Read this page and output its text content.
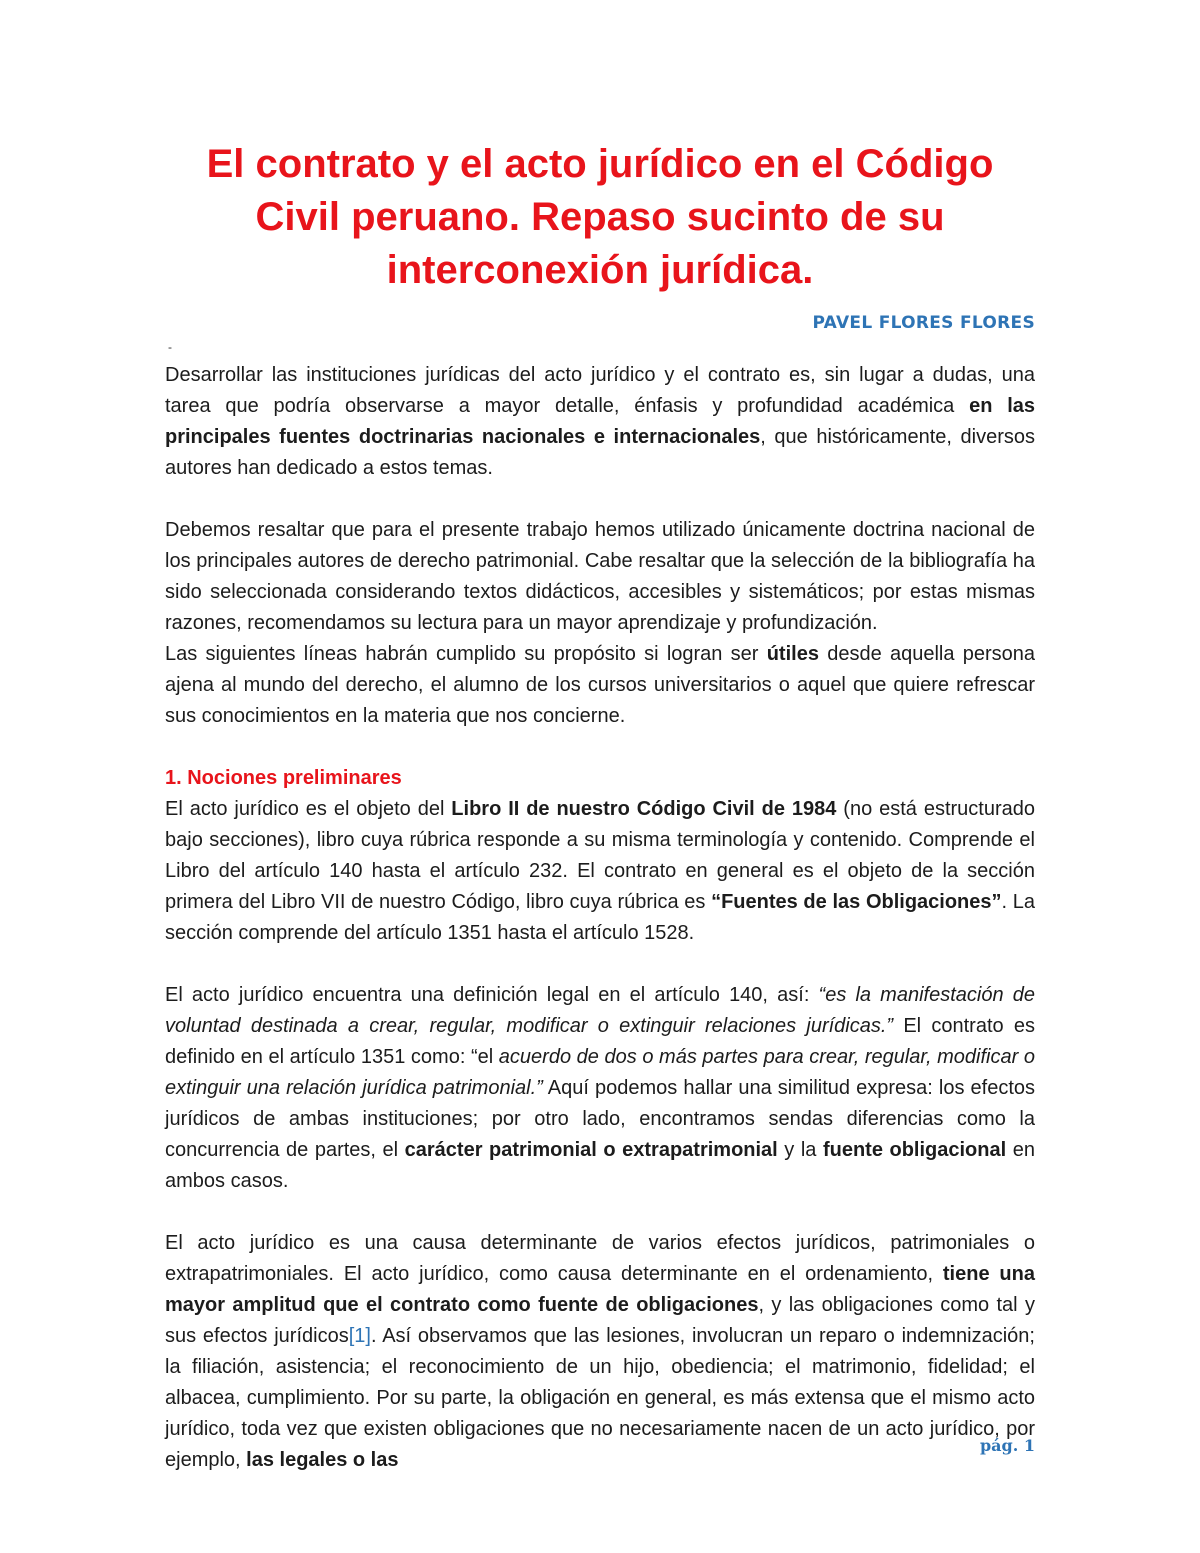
El contrato y el acto jurídico en el Código Civil peruano. Repaso sucinto de su interconexión jurídica.
PAVEL FLORES FLORES
-

Desarrollar las instituciones jurídicas del acto jurídico y el contrato es, sin lugar a dudas, una tarea que podría observarse a mayor detalle, énfasis y profundidad académica en las principales fuentes doctrinarias nacionales e internacionales, que históricamente, diversos autores han dedicado a estos temas.

Debemos resaltar que para el presente trabajo hemos utilizado únicamente doctrina nacional de los principales autores de derecho patrimonial. Cabe resaltar que la selección de la bibliografía ha sido seleccionada considerando textos didácticos, accesibles y sistemáticos; por estas mismas razones, recomendamos su lectura para un mayor aprendizaje y profundización.

Las siguientes líneas habrán cumplido su propósito si logran ser útiles desde aquella persona ajena al mundo del derecho, el alumno de los cursos universitarios o aquel que quiere refrescar sus conocimientos en la materia que nos concierne.

1. Nociones preliminares

El acto jurídico es el objeto del Libro II de nuestro Código Civil de 1984 (no está estructurado bajo secciones), libro cuya rúbrica responde a su misma terminología y contenido. Comprende el Libro del artículo 140 hasta el artículo 232. El contrato en general es el objeto de la sección primera del Libro VII de nuestro Código, libro cuya rúbrica es “Fuentes de las Obligaciones”. La sección comprende del artículo 1351 hasta el artículo 1528.

El acto jurídico encuentra una definición legal en el artículo 140, así: “es la manifestación de voluntad destinada a crear, regular, modificar o extinguir relaciones jurídicas.” El contrato es definido en el artículo 1351 como: “el acuerdo de dos o más partes para crear, regular, modificar o extinguir una relación jurídica patrimonial.” Aquí podemos hallar una similitud expresa: los efectos jurídicos de ambas instituciones; por otro lado, encontramos sendas diferencias como la concurrencia de partes, el carácter patrimonial o extrapatrimonial y la fuente obligacional en ambos casos.

El acto jurídico es una causa determinante de varios efectos jurídicos, patrimoniales o extrapatrimoniales. El acto jurídico, como causa determinante en el ordenamiento, tiene una mayor amplitud que el contrato como fuente de obligaciones, y las obligaciones como tal y sus efectos jurídicos[1]. Así observamos que las lesiones, involucran un reparo o indemnización; la filiación, asistencia; el reconocimiento de un hijo, obediencia; el matrimonio, fidelidad; el albacea, cumplimiento. Por su parte, la obligación en general, es más extensa que el mismo acto jurídico, toda vez que existen obligaciones que no necesariamente nacen de un acto jurídico, por ejemplo, las legales o las

pág. 1
